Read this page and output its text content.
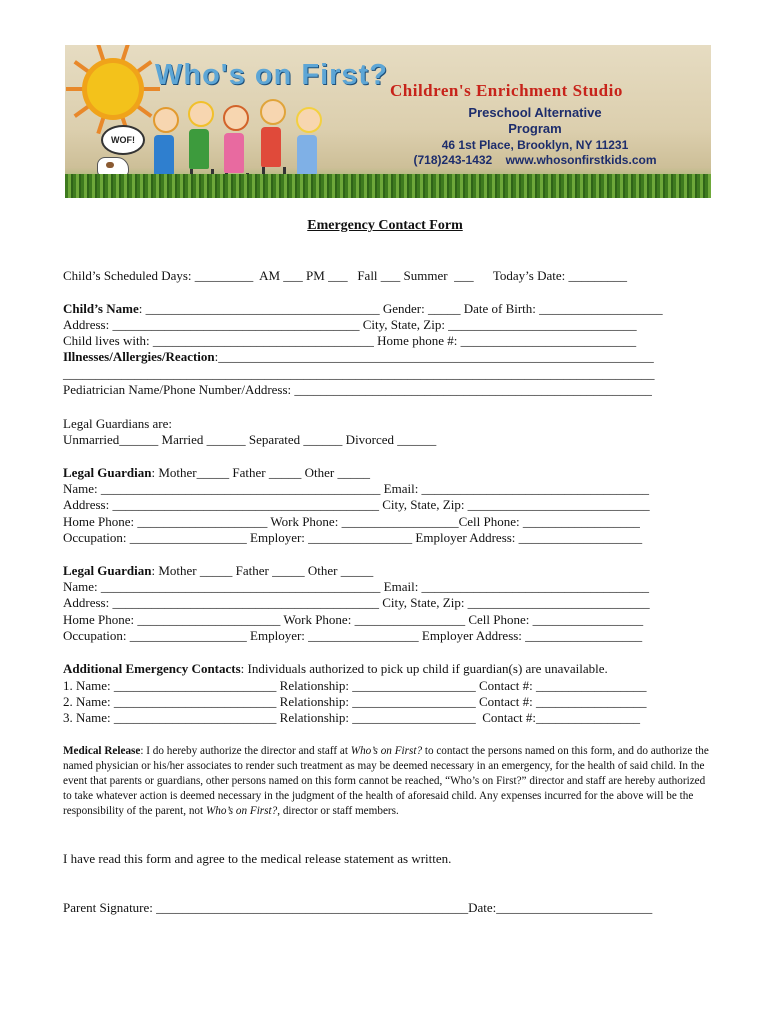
WOF!
Who's on First? Children's Enrichment Studio
Preschool Alternative
Program
46 1st Place, Brooklyn, NY 11231
(718)243-1432 www.whosonfirstkids.com
Emergency Contact Form
Child’s Scheduled Days: _________  AM ___ PM ___   Fall ___ Summer  ___      Today’s Date: _________
Child’s Name: ____________________________________ Gender: _____ Date of Birth: ___________________
Address: ______________________________________ City, State, Zip: _____________________________
Child lives with: __________________________________ Home phone #: ___________________________
Illnesses/Allergies/Reaction:___________________________________________________________________
___________________________________________________________________________________________
Pediatrician Name/Phone Number/Address: _______________________________________________________
Legal Guardians are:
Unmarried______ Married ______ Separated ______ Divorced ______
Legal Guardian: Mother_____ Father _____ Other _____
Name: ___________________________________________ Email: ___________________________________
Address: _________________________________________ City, State, Zip: ____________________________
Home Phone: ____________________ Work Phone: __________________Cell Phone: __________________
Occupation: __________________ Employer: ________________ Employer Address: ___________________
Legal Guardian: Mother _____ Father _____ Other _____
Name: ___________________________________________ Email: ___________________________________
Address: _________________________________________ City, State, Zip: ____________________________
Home Phone: ______________________ Work Phone: _________________ Cell Phone: _________________
Occupation: __________________ Employer: _________________ Employer Address: __________________
Additional Emergency Contacts: Individuals authorized to pick up child if guardian(s) are unavailable.
1. Name: _________________________ Relationship: ___________________ Contact #: _________________
2. Name: _________________________ Relationship: ___________________ Contact #: _________________
3. Name: _________________________ Relationship: ___________________  Contact #:________________
Medical Release: I do hereby authorize the director and staff at Who’s on First? to contact the persons named on this form, and do authorize the named physician or his/her associates to render such treatment as may be deemed necessary in an emergency, for the health of said child. In the event that parents or guardians, other persons named on this form cannot be reached, “Who’s on First?” director and staff are hereby authorized to take whatever action is deemed necessary in the judgment of the health of aforesaid child. Any expenses incurred for the above will be the responsibility of the parent, not Who’s on First?, director or staff members.
I have read this form and agree to the medical release statement as written.
Parent Signature: ________________________________________________Date:________________________
